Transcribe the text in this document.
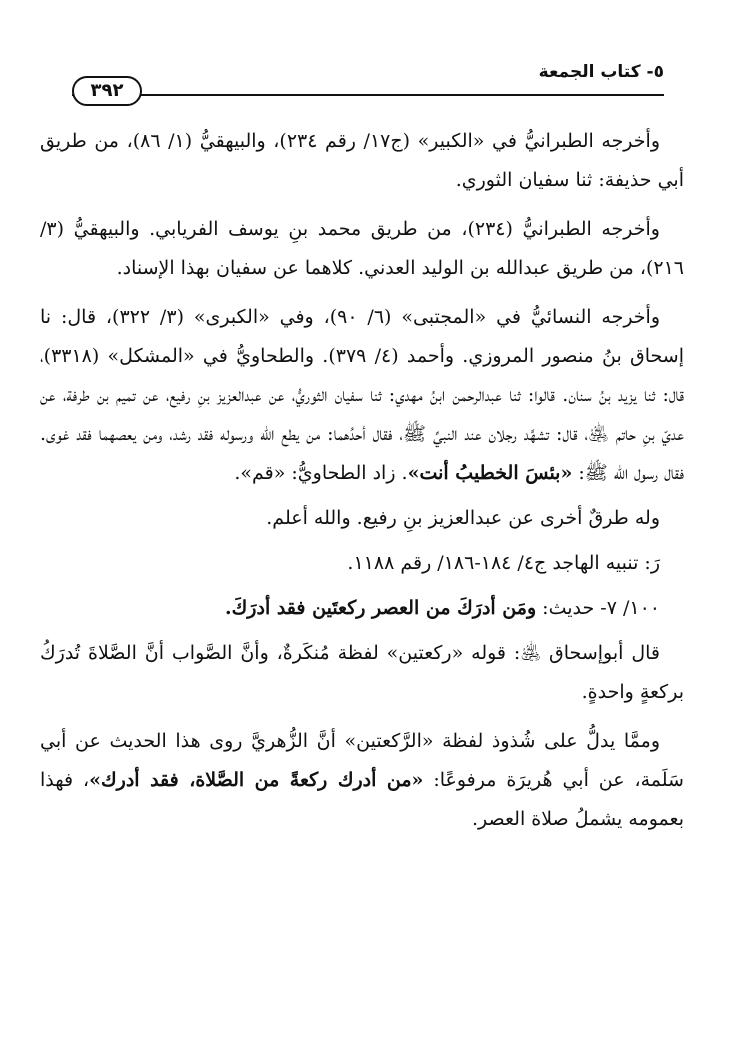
٥- كتاب الجمعة
٣٩٢

وأخرجه الطبرانيُّ في «الكبير» (ج١٧/ رقم ٢٣٤)، والبيهقيُّ (١/ ٨٦)، من طريق أبي حذيفة: ثنا سفيان الثوري.

وأخرجه الطبرانيُّ (٢٣٤)، من طريق محمد بنِ يوسف الفريابي. والبيهقيُّ (٣/ ٢١٦)، من طريق عبدالله بن الوليد العدني. كلاهما عن سفيان بهذا الإسناد.

وأخرجه النسائيُّ في «المجتبى» (٦/ ٩٠)، وفي «الكبرى» (٣/ ٣٢٢)، قال: نا إسحاق بنُ منصور المروزي. وأحمد (٤/ ٣٧٩). والطحاويُّ في «المشكل» (٣٣١٨)، قال: ثنا يزيد بنُ سنان. قالوا: ثنا عبدالرحمن ابنُ مهدي: ثنا سفيان الثوريُّ، عن عبدالعزيز بنِ رفيع، عن تميم بن طرفة، عن عديّ بنِ حاتم ﵁، قال: تشهَّد رجلان عند النبيِّ ﷺ، فقال أحدُهما: من يطع الله ورسوله فقد رشد، ومن يعصهما فقد غوى. فقال رسول الله ﷺ: «بئسَ الخطيبُ أنت». زاد الطحاويُّ: «قم».

وله طرقٌ أخرى عن عبدالعزيز بنِ رفيع. والله أعلم.

رَ: تنبيه الهاجد ج٤/ ١٨٤-١٨٦/ رقم ١١٨٨.

١٠٠/ ٧- حديث: ومَن أدرَكَ من العصر ركعتَين فقد أدرَكَ.

قال أبوإسحاق ﵁: قوله «ركعتين» لفظة مُنكَرةٌ، وأنَّ الصَّواب أنَّ الصَّلاةَ تُدرَكُ بركعةٍ واحدةٍ.

وممَّا يدلُّ على شُذوذ لفظة «الرَّكعتين» أنَّ الزُّهريَّ روى هذا الحديث عن أبي سَلَمة، عن أبي هُريرَة مرفوعًا: «من أدرك ركعةً من الصَّلاة، فقد أدرك»، فهذا بعمومه يشملُ صلاة العصر.
